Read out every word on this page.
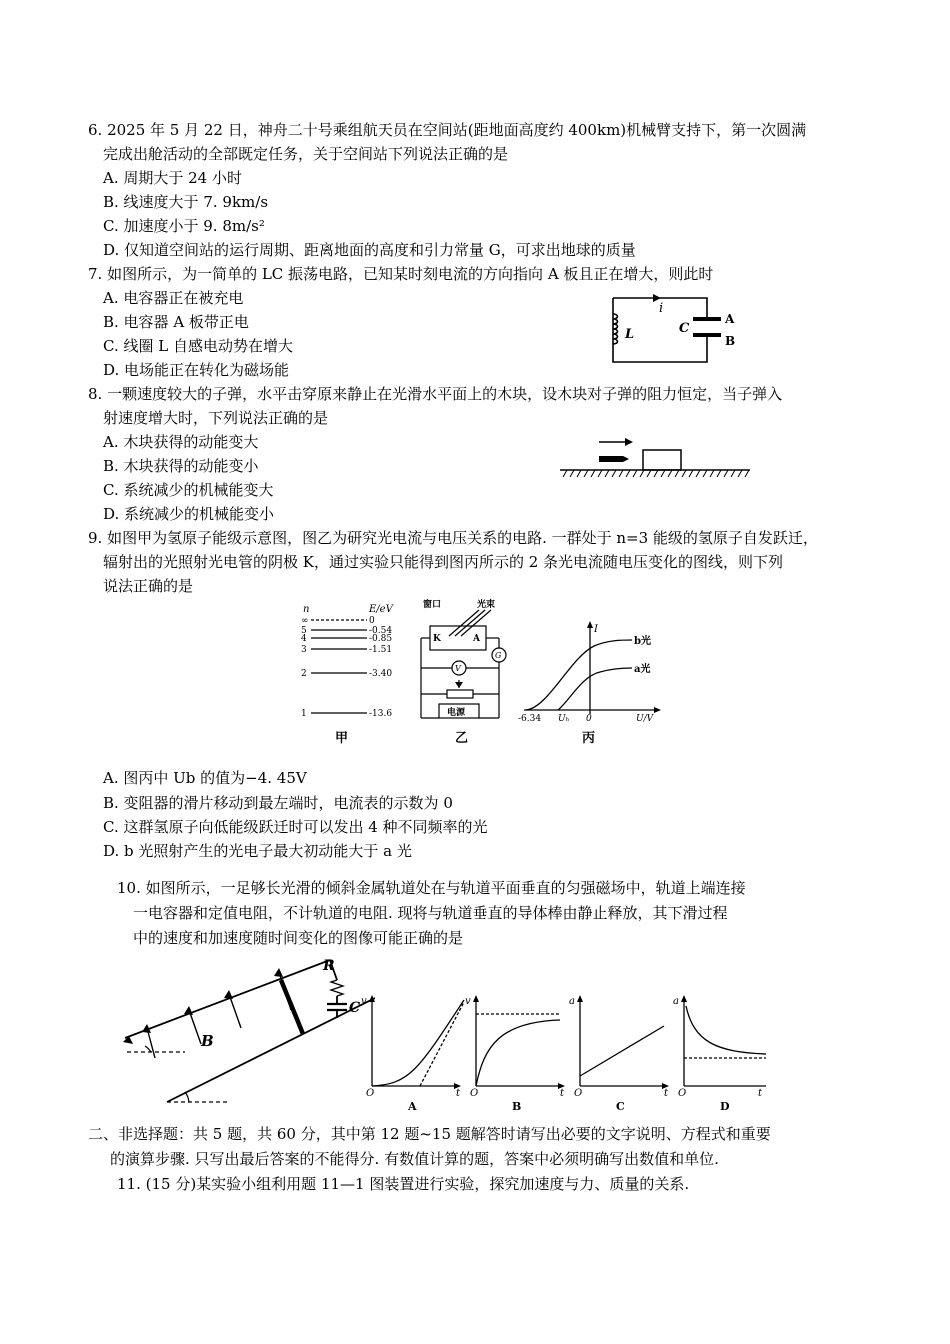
6. 2025 年 5 月 22 日，神舟二十号乘组航天员在空间站(距地面高度约 400km)机械臂支持下，第一次圆满
完成出舱活动的全部既定任务，关于空间站下列说法正确的是
A. 周期大于 24 小时
B. 线速度大于 7. 9km/s
C. 加速度小于 9. 8m/s²
D. 仅知道空间站的运行周期、距离地面的高度和引力常量 G，可求出地球的质量
7. 如图所示，为一简单的 LC 振荡电路，已知某时刻电流的方向指向 A 板且正在增大，则此时
A. 电容器正在被充电
B. 电容器 A 板带正电
C. 线圈 L 自感电动势在增大
D. 电场能正在转化为磁场能
i
L	C
A
B
8. 一颗速度较大的子弹，水平击穿原来静止在光滑水平面上的木块，设木块对子弹的阻力恒定，当子弹入
射速度增大时，下列说法正确的是
A. 木块获得的动能变大
B. 木块获得的动能变小
C. 系统减少的机械能变大
D. 系统减少的机械能变小
9. 如图甲为氢原子能级示意图，图乙为研究光电流与电压关系的电路. 一群处于 n=3 能级的氢原子自发跃迁，
辐射出的光照射光电管的阴极 K，通过实验只能得到图丙所示的 2 条光电流随电压变化的图线，则下列
说法正确的是
n	E/eV
∞	0
5	-0.54
4	-0.85
3	-1.51
2	-3.40
1	-13.6
甲
窗口	光束
K	A
V
G
电源
乙
I
b光
a光
-6.34 Uₕ 0	U/V
丙
A. 图丙中 Ub 的值为−4. 45V
B. 变阻器的滑片移动到最左端时，电流表的示数为 0
C. 这群氢原子向低能级跃迁时可以发出 4 种不同频率的光
D. b 光照射产生的光电子最大初动能大于 a 光
10. 如图所示，一足够长光滑的倾斜金属轨道处在与轨道平面垂直的匀强磁场中，轨道上端连接
一电容器和定值电阻，不计轨道的电阻. 现将与轨道垂直的导体棒由静止释放，其下滑过程
中的速度和加速度随时间变化的图像可能正确的是
B
R
C v
t
O
A
v
t
O
B
a
t
O
C
a
t
O
D
二、非选择题：共 5 题，共 60 分，其中第 12 题~15 题解答时请写出必要的文字说明、方程式和重要
的演算步骤. 只写出最后答案的不能得分. 有数值计算的题，答案中必须明确写出数值和单位.
11. (15 分)某实验小组利用题 11—1 图装置进行实验，探究加速度与力、质量的关系.
